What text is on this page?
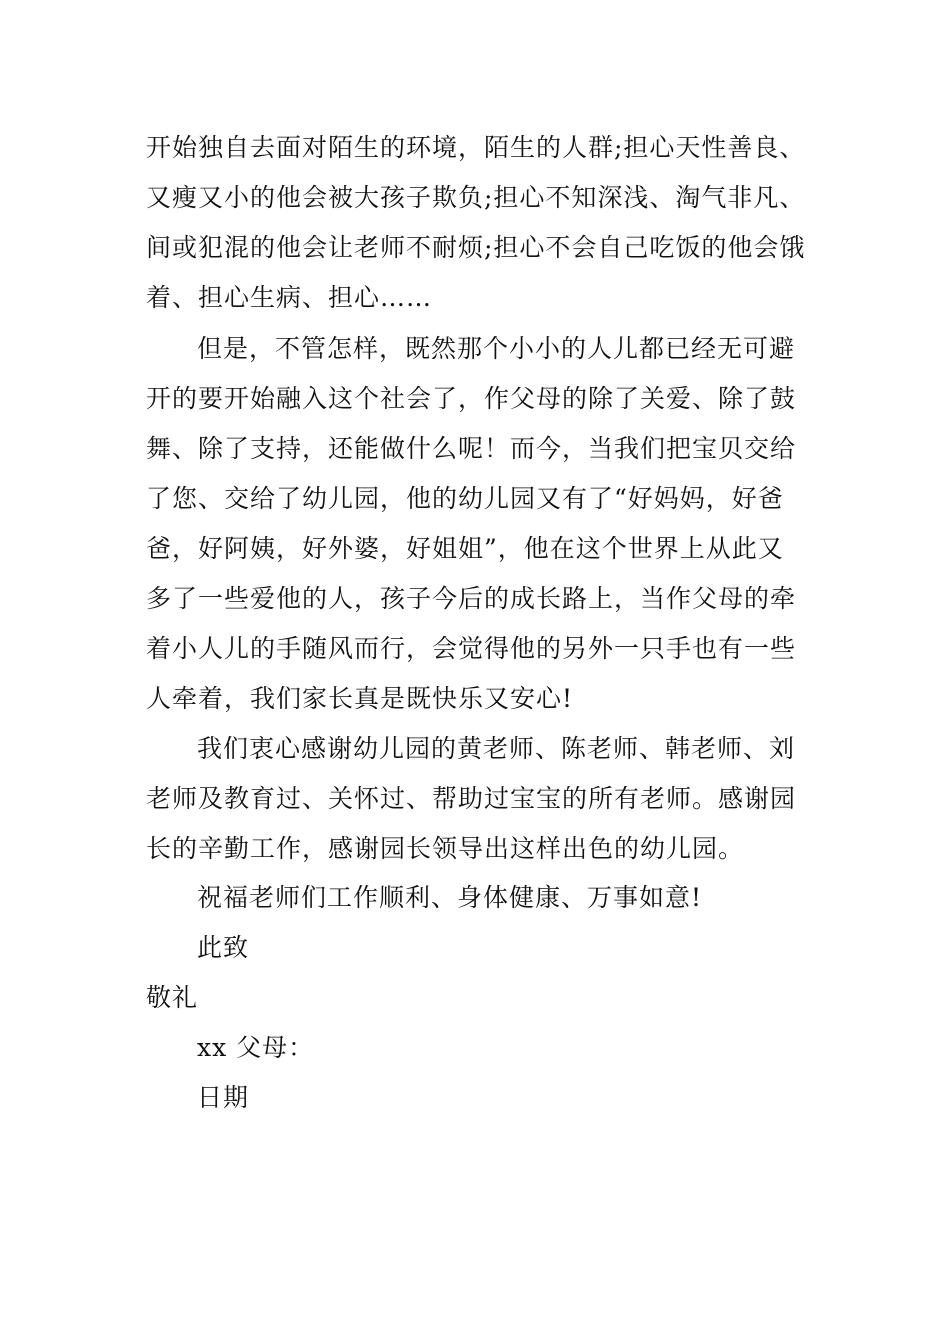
开始独自去面对陌生的环境，陌生的人群;担心天性善良、
又瘦又小的他会被大孩子欺负;担心不知深浅、淘气非凡、
间或犯混的他会让老师不耐烦;担心不会自己吃饭的他会饿
着、担心生病、担心……
但是，不管怎样，既然那个小小的人儿都已经无可避
开的要开始融入这个社会了，作父母的除了关爱、除了鼓
舞、除了支持，还能做什么呢！而今，当我们把宝贝交给
了您、交给了幼儿园，他的幼儿园又有了“好妈妈，好爸
爸，好阿姨，好外婆，好姐姐”，他在这个世界上从此又
多了一些爱他的人，孩子今后的成长路上，当作父母的牵
着小人儿的手随风而行，会觉得他的另外一只手也有一些
人牵着，我们家长真是既快乐又安心!
我们衷心感谢幼儿园的黄老师、陈老师、韩老师、刘
老师及教育过、关怀过、帮助过宝宝的所有老师。感谢园
长的辛勤工作，感谢园长领导出这样出色的幼儿园。
祝福老师们工作顺利、身体健康、万事如意!
此致
敬礼
xx 父母：
日期
